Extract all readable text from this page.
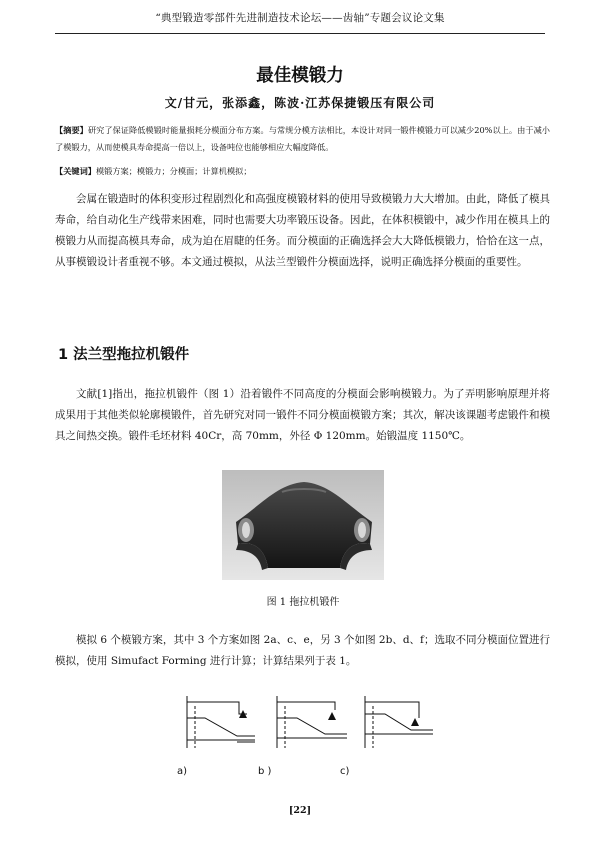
“典型锻造零部件先进制造技术论坛——齿轴”专题会议论文集
最佳模锻力
文/甘元，张添鑫，陈波·江苏保捷锻压有限公司
【摘要】研究了保证降低模锻时能量损耗分模面分布方案。与常规分模方法相比，本设计对同一锻件模锻力可以减少20%以上。由于减小了模锻力，从而使模具寿命提高一倍以上，设备吨位也能够相应大幅度降低。
【关键词】模锻方案；模锻力；分模面；计算机模拟；
会属在锻造时的体积变形过程剧烈化和高强度模锻材料的使用导致模锻力大大增加。由此，降低了模具寿命，给自动化生产线带来困难，同时也需要大功率锻压设备。因此，在体积模锻中，减少作用在模具上的模锻力从而提高模具寿命，成为迫在眉睫的任务。而分模面的正确选择会大大降低模锻力，恰恰在这一点，从事模锻设计者重视不够。本文通过模拟，从法兰型锻件分模面选择，说明正确选择分模面的重要性。
1 法兰型拖拉机锻件
文献[1]指出，拖拉机锻件（图 1）沿着锻件不同高度的分模面会影响模锻力。为了弄明影响原理并将成果用于其他类似轮廓模锻件，首先研究对同一锻件不同分模面模锻方案；其次，解决该课题考虑锻件和模具之间热交换。锻件毛坯材料 40Cr，高 70mm，外径 Φ 120mm。始锻温度 1150℃。
图 1 拖拉机锻件
模拟 6 个模锻方案，其中 3 个方案如图 2a、c、e，另 3 个如图 2b、d、f；选取不同分模面位置进行模拟，使用 Simufact Forming 进行计算；计算结果列于表 1。
a)	b )	c)
[22]
